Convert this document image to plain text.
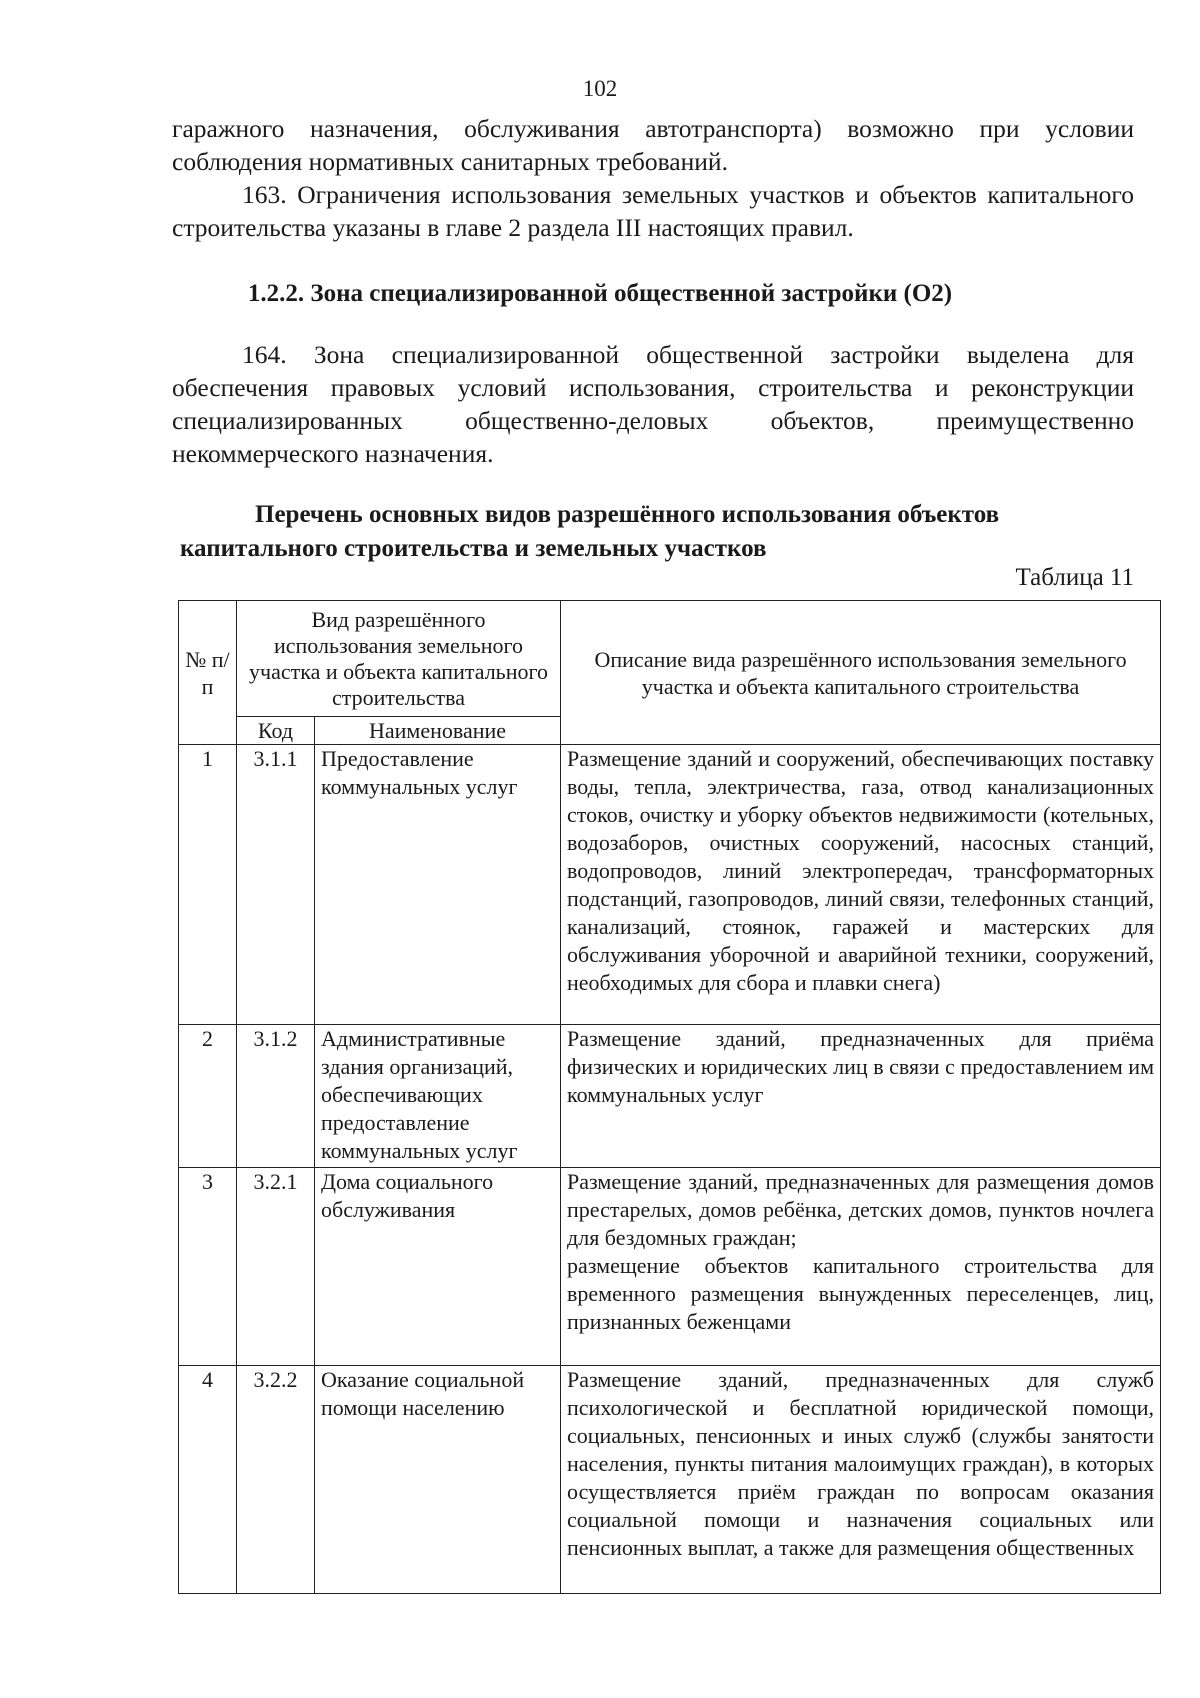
102

гаражного назначения, обслуживания автотранспорта) возможно при условии соблюдения нормативных санитарных требований.

163. Ограничения использования земельных участков и объектов капитального строительства указаны в главе 2 раздела III настоящих правил.

1.2.2. Зона специализированной общественной застройки (О2)

164. Зона специализированной общественной застройки выделена для обеспечения правовых условий использования, строительства и реконструкции специализированных общественно-деловых объектов, преимущественно некоммерческого назначения.

Перечень основных видов разрешённого использования объектов капитального строительства и земельных участков
Таблица 11
№ п/п	Вид разрешённого использования земельного участка и объекта капитального строительства		Описание вида разрешённого использования земельного участка и объекта капитального строительства
	Код	Наименование	
1	3.1.1	Предоставление коммунальных услуг	Размещение зданий и сооружений, обеспечивающих поставку воды, тепла, электричества, газа, отвод канализационных стоков, очистку и уборку объектов недвижимости (котельных, водозаборов, очистных сооружений, насосных станций, водопроводов, линий электропередач, трансформаторных подстанций, газопроводов, линий связи, телефонных станций, канализаций, стоянок, гаражей и мастерских для обслуживания уборочной и аварийной техники, сооружений, необходимых для сбора и плавки снега)
2	3.1.2	Административные здания организаций, обеспечивающих предоставление коммунальных услуг	Размещение зданий, предназначенных для приёма физических и юридических лиц в связи с предоставлением им коммунальных услуг
3	3.2.1	Дома социального обслуживания	Размещение зданий, предназначенных для размещения домов престарелых, домов ребёнка, детских домов, пунктов ночлега для бездомных граждан;
размещение объектов капитального строительства для временного размещения вынужденных переселенцев, лиц, признанных беженцами
4	3.2.2	Оказание социальной помощи населению	Размещение зданий, предназначенных для служб психологической и бесплатной юридической помощи, социальных, пенсионных и иных служб (службы занятости населения, пункты питания малоимущих граждан), в которых осуществляется приём граждан по вопросам оказания социальной помощи и назначения социальных или пенсионных выплат, а также для размещения общественных
